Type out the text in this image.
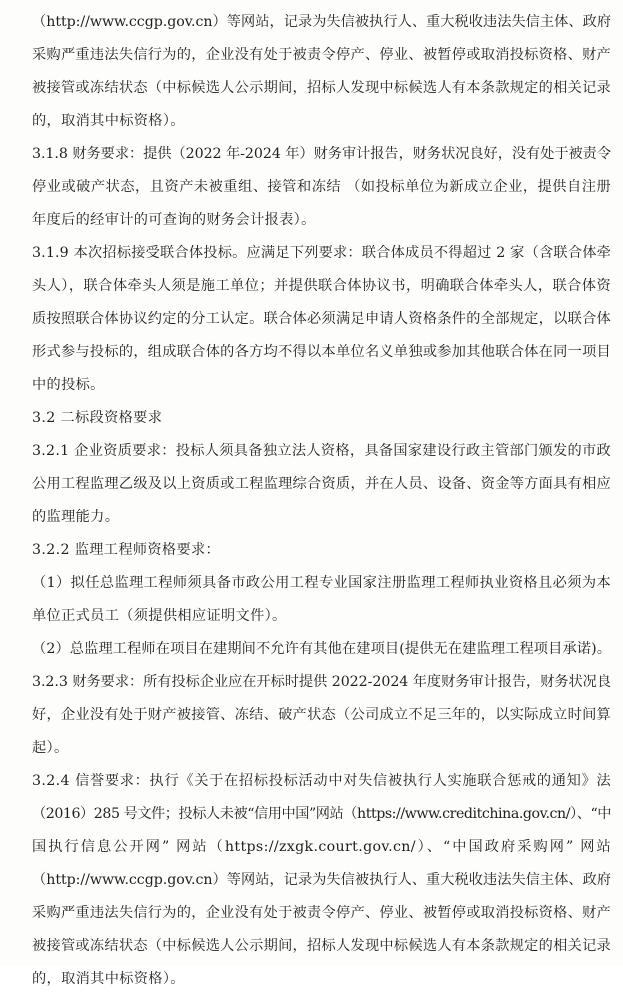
（http://www.ccgp.gov.cn）等网站，记录为失信被执行人、重大税收违法失信主体、政府
采购严重违法失信行为的，企业没有处于被责令停产、停业、被暂停或取消投标资格、财产
被接管或冻结状态（中标候选人公示期间，招标人发现中标候选人有本条款规定的相关记录
的，取消其中标资格）。
3.1.8 财务要求：提供（2022 年-2024 年）财务审计报告，财务状况良好，没有处于被责令
停业或破产状态，且资产未被重组、接管和冻结 （如投标单位为新成立企业，提供自注册
年度后的经审计的可查询的财务会计报表）。
3.1.9 本次招标接受联合体投标。应满足下列要求：联合体成员不得超过 2 家（含联合体牵
头人），联合体牵头人须是施工单位；并提供联合体协议书，明确联合体牵头人，联合体资
质按照联合体协议约定的分工认定。联合体必须满足申请人资格条件的全部规定，以联合体
形式参与投标的，组成联合体的各方均不得以本单位名义单独或参加其他联合体在同一项目
中的投标。
3.2 二标段资格要求
3.2.1 企业资质要求：投标人须具备独立法人资格，具备国家建设行政主管部门颁发的市政
公用工程监理乙级及以上资质或工程监理综合资质，并在人员、设备、资金等方面具有相应
的监理能力。
3.2.2 监理工程师资格要求：
（1）拟任总监理工程师须具备市政公用工程专业国家注册监理工程师执业资格且必须为本
单位正式员工（须提供相应证明文件）。
（2）总监理工程师在项目在建期间不允许有其他在建项目(提供无在建监理工程项目承诺)。
3.2.3 财务要求：所有投标企业应在开标时提供 2022-2024 年度财务审计报告，财务状况良
好，企业没有处于财产被接管、冻结、破产状态（公司成立不足三年的，以实际成立时间算
起）。
3.2.4 信誉要求：执行《关于在招标投标活动中对失信被执行人实施联合惩戒的通知》法
（2016）285 号文件；投标人未被“信用中国”网站（https://www.creditchina.gov.cn/）、“中
国执行信息公开网” 网站（https://zxgk.court.gov.cn/）、“中国政府采购网” 网站
（http://www.ccgp.gov.cn）等网站，记录为失信被执行人、重大税收违法失信主体、政府
采购严重违法失信行为的，企业没有处于被责令停产、停业、被暂停或取消投标资格、财产
被接管或冻结状态（中标候选人公示期间，招标人发现中标候选人有本条款规定的相关记录
的，取消其中标资格）。
